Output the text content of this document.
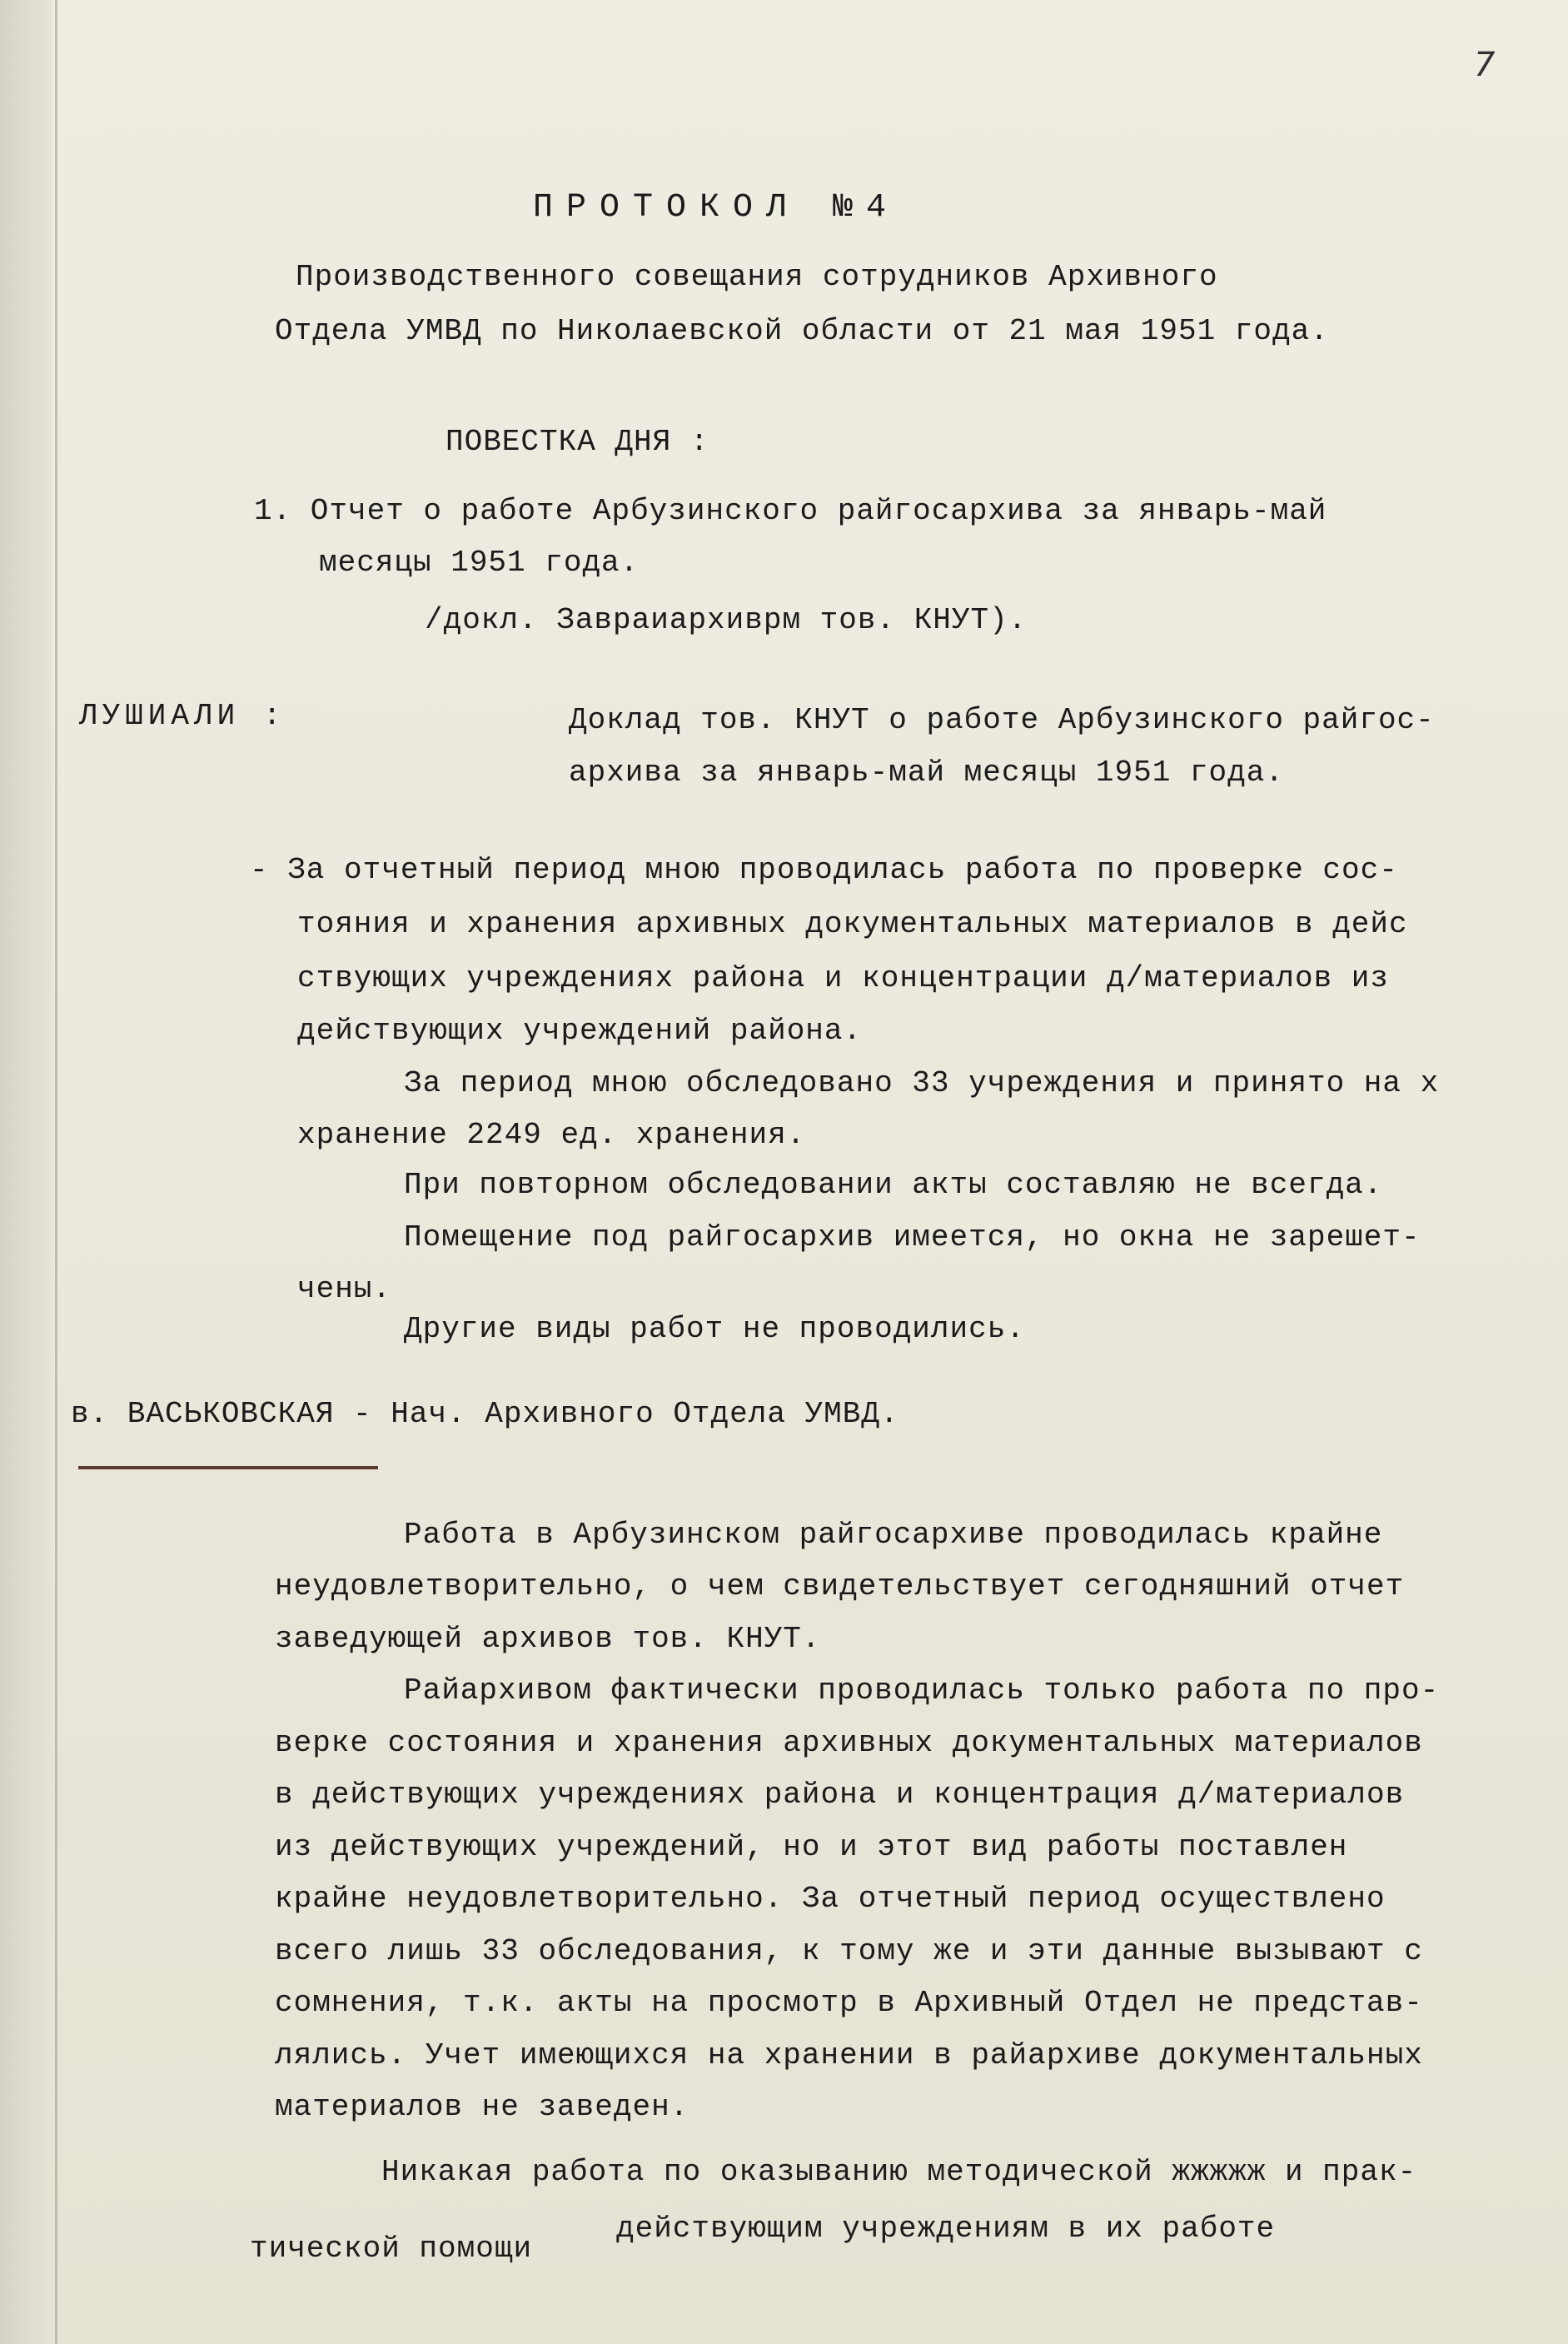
7
ПРОТОКОЛ №4
Производственного совещания сотрудников Архивного
Отдела УМВД по Николаевской области от 21 мая 1951 года.
ПОВЕСТКА ДНЯ :
1. Отчет о работе Арбузинского райгосархива за январь-май
месяцы 1951 года.
/докл. Завраиархиврм тов. КНУТ).
ЛУШИАЛИ :	Доклад тов. КНУТ о работе Арбузинского райгос-
архива за январь-май месяцы 1951 года.
- За отчетный период мною проводилась работа по проверке сос-
тояния и хранения архивных документальных материалов в дейс
ствующих учреждениях района и концентрации д/материалов из
действующих учреждений района.
За период мною обследовано 33 учреждения и принято на х
хранение 2249 ед. хранения.
При повторном обследовании акты составляю не всегда.
Помещение под райгосархив имеется, но окна не зарешет-
чены.
Другие виды работ не проводились.
в. ВАСЬКОВСКАЯ - Нач. Архивного Отдела УМВД.
Работа в Арбузинском райгосархиве проводилась крайне
неудовлетворительно, о чем свидетельствует сегодняшний отчет
заведующей архивов тов. КНУТ.
Райархивом фактически проводилась только работа по про-
верке состояния и хранения архивных документальных материалов
в действующих учреждениях района и концентрация д/материалов
из действующих учреждений, но и этот вид работы поставлен
крайне неудовлетворительно. За отчетный период осуществлено
всего лишь 33 обследования, к тому же и эти данные вызывают с
сомнения, т.к. акты на просмотр в Архивный Отдел не представ-
лялись. Учет имеющихся на хранении в райархиве документальных
материалов не заведен.
Никакая работа по оказыванию методической жжжжж и прак-
тической помощи
действующим учреждениям в их работе
